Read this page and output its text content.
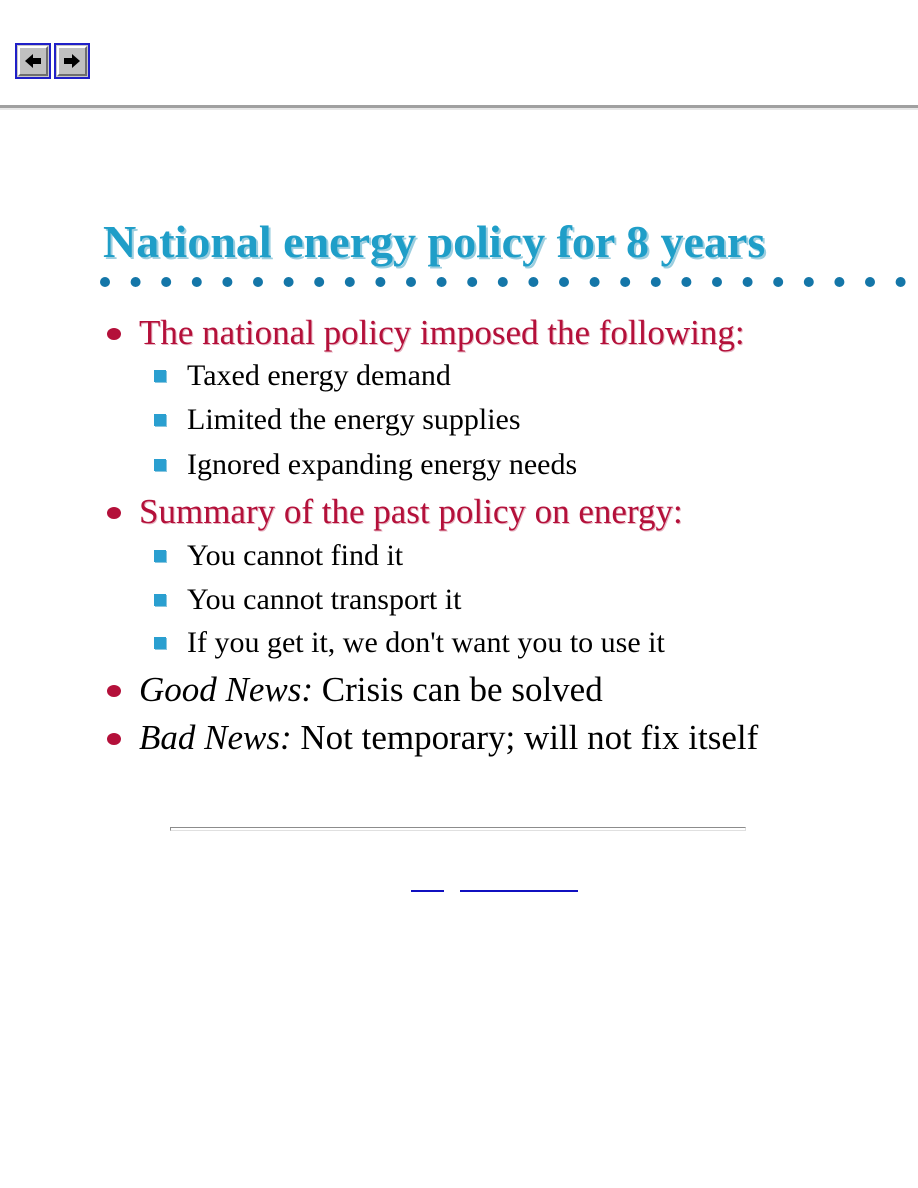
National energy policy for 8 years
The national policy imposed the following:
Taxed energy demand
Limited the energy supplies
Ignored expanding energy needs
Summary of the past policy on energy:
You cannot find it
You cannot transport it
If you get it, we don't want you to use it
Good News: Crisis can be solved
Bad News: Not temporary; will not fix itself
